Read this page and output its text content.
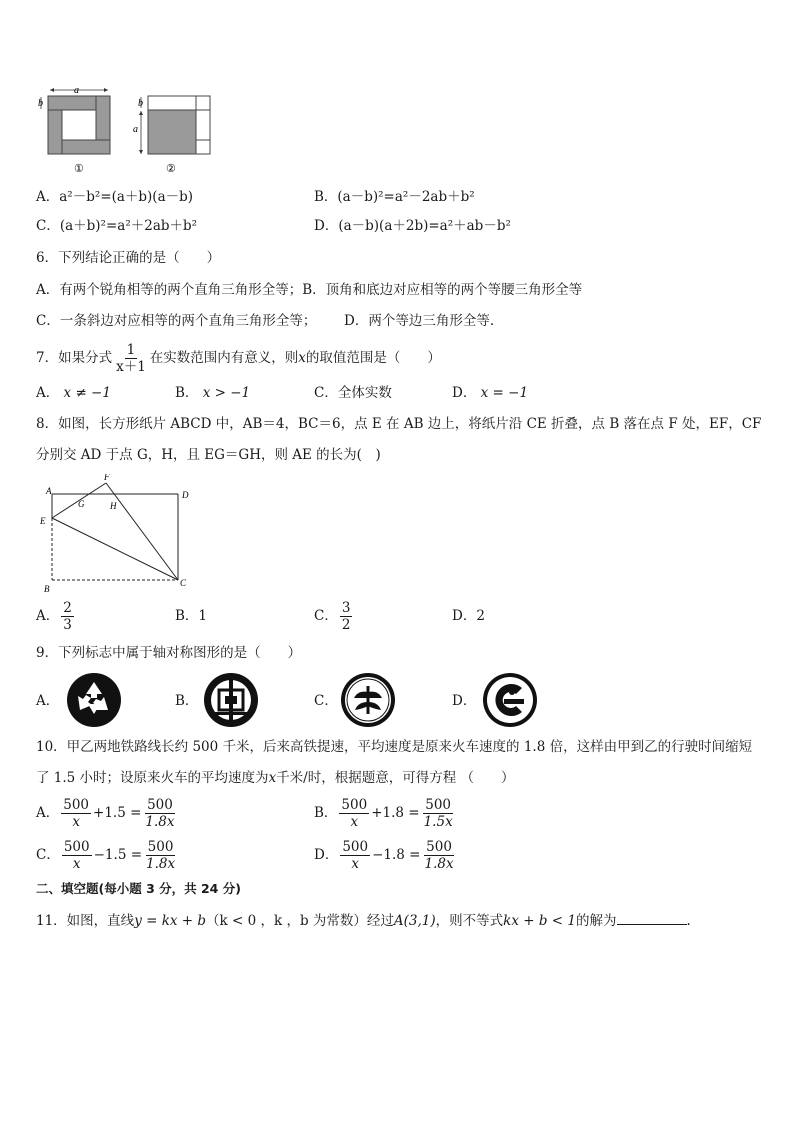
a
b
①
b
a
②
A．a²－b²=(a＋b)(a－b)	B．(a－b)²=a²－2ab＋b²
C．(a＋b)²=a²＋2ab＋b²	D．(a－b)(a＋2b)=a²＋ab－b²
6．下列结论正确的是（　　）
A．有两个锐角相等的两个直角三角形全等；B．顶角和底边对应相等的两个等腰三角形全等
C．一条斜边对应相等的两个直角三角形全等； D．两个等边三角形全等.
7．如果分式 $\frac{1}{x+1}$ 在实数范围内有意义，则x的取值范围是（　　）
A． x ≠ −1	B． x > −1	C．全体实数	D． x = −1
8．如图，长方形纸片 ABCD 中，AB＝4，BC＝6，点 E 在 AB 边上，将纸片沿 CE 折叠，点 B 落在点 F 处，EF，CF
分别交 AD 于点 G，H，且 EG＝GH，则 AE 的长为(　)
A	D
E
F
G	H
B
C
A． $\frac{2}{3}$	B．1	C． $\frac{3}{2}$	D．2
9．下列标志中属于轴对称图形的是（　　）
A．	B．	C．	D．
10．甲乙两地铁路线长约 500 千米，后来高铁提速，平均速度是原来火车速度的 1.8 倍，这样由甲到乙的行驶时间缩短
了 1.5 小时；设原来火车的平均速度为x千米/时，根据题意，可得方程 （　　）
A． $\frac{500}{x} +1.5 = \frac{500}{1.8x}$	B． $\frac{500}{x} +1.8 = \frac{500}{1.5x}$
C． $\frac{500}{x} -1.5 = \frac{500}{1.8x}$	D． $\frac{500}{x} -1.8 = \frac{500}{1.8x}$
二、填空题(每小题 3 分，共 24 分)
11．如图，直线y = kx + b（k < 0 ，k ，b 为常数）经过A(3,1)，则不等式kx + b < 1的解为	.
